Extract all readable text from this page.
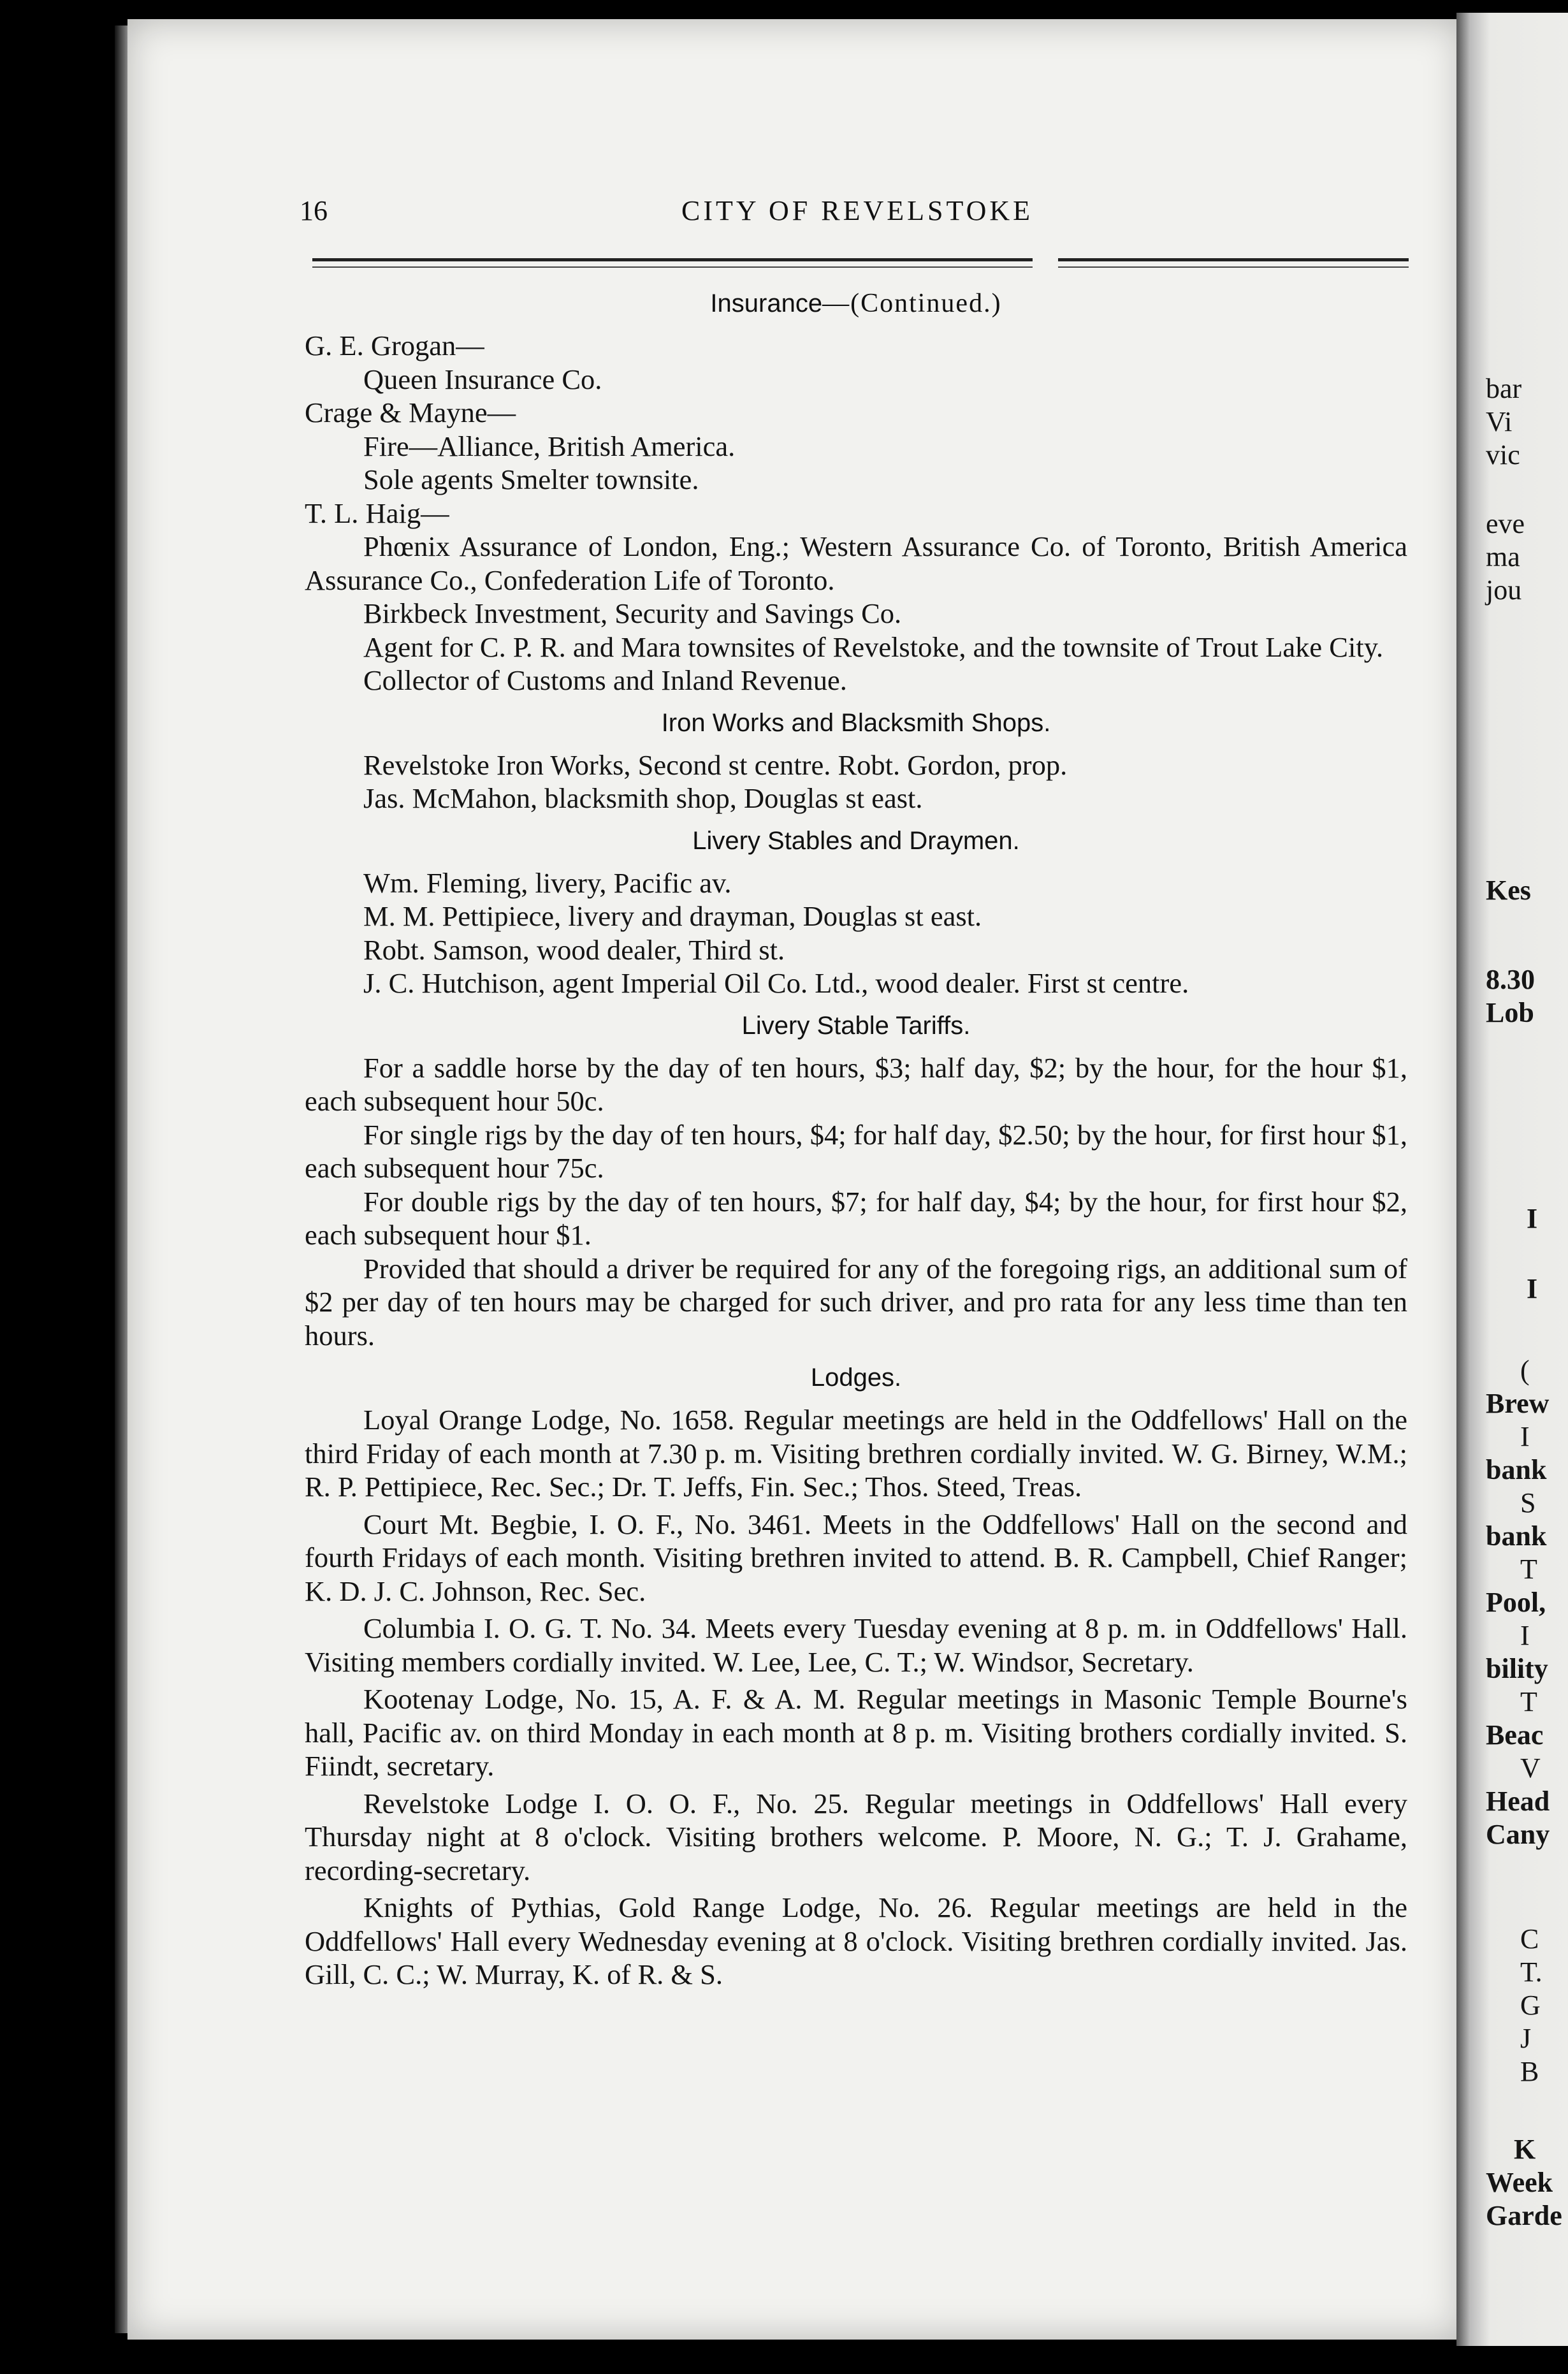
16	CITY OF REVELSTOKE
Insurance—(Continued.)

G. E. Grogan—

Queen Insurance Co.

Crage & Mayne—

Fire—Alliance, British America.

Sole agents Smelter townsite.

T. L. Haig—

Phœnix Assurance of London, Eng.; Western Assurance Co. of Toronto, British America Assurance Co., Confederation Life of Toronto.

Birkbeck Investment, Security and Savings Co.

Agent for C. P. R. and Mara townsites of Revelstoke, and the townsite of Trout Lake City.

Collector of Customs and Inland Revenue.

Iron Works and Blacksmith Shops.

Revelstoke Iron Works, Second st centre. Robt. Gordon, prop.

Jas. McMahon, blacksmith shop, Douglas st east.

Livery Stables and Draymen.

Wm. Fleming, livery, Pacific av.

M. M. Pettipiece, livery and drayman, Douglas st east.

Robt. Samson, wood dealer, Third st.

J. C. Hutchison, agent Imperial Oil Co. Ltd., wood dealer. First st centre.

Livery Stable Tariffs.

For a saddle horse by the day of ten hours, $3; half day, $2; by the hour, for the hour $1, each subsequent hour 50c.

For single rigs by the day of ten hours, $4; for half day, $2.50; by the hour, for first hour $1, each subsequent hour 75c.

For double rigs by the day of ten hours, $7; for half day, $4; by the hour, for first hour $2, each subsequent hour $1.

Provided that should a driver be required for any of the foregoing rigs, an additional sum of $2 per day of ten hours may be charged for such driver, and pro rata for any less time than ten hours.

Lodges.

Loyal Orange Lodge, No. 1658. Regular meetings are held in the Oddfellows' Hall on the third Friday of each month at 7.30 p. m. Visiting brethren cordially invited. W. G. Birney, W.M.; R. P. Pettipiece, Rec. Sec.; Dr. T. Jeffs, Fin. Sec.; Thos. Steed, Treas.

Court Mt. Begbie, I. O. F., No. 3461. Meets in the Oddfellows' Hall on the second and fourth Fridays of each month. Visiting brethren invited to attend. B. R. Campbell, Chief Ranger; K. D. J. C. Johnson, Rec. Sec.

Columbia I. O. G. T. No. 34. Meets every Tuesday evening at 8 p. m. in Oddfellows' Hall. Visiting members cordially invited. W. Lee, Lee, C. T.; W. Windsor, Secretary.

Kootenay Lodge, No. 15, A. F. & A. M. Regular meetings in Masonic Temple Bourne's hall, Pacific av. on third Monday in each month at 8 p. m. Visiting brothers cordially invited. S. Fiindt, secretary.

Revelstoke Lodge I. O. O. F., No. 25. Regular meetings in Oddfellows' Hall every Thursday night at 8 o'clock. Visiting brothers welcome. P. Moore, N. G.; T. J. Grahame, recording-secretary.

Knights of Pythias, Gold Range Lodge, No. 26. Regular meetings are held in the Oddfellows' Hall every Wednesday evening at 8 o'clock. Visiting brethren cordially invited. Jas. Gill, C. C.; W. Murray, K. of R. & S.

bar
Vi
vic
eve
ma
jou
Kes
8.30
Lob
I
I
(
Brew
I
bank
S
bank
T
Pool,
I
bility
T
Beac
V
Head
Cany
C
T.
G
J
B
K
Week
Garde
